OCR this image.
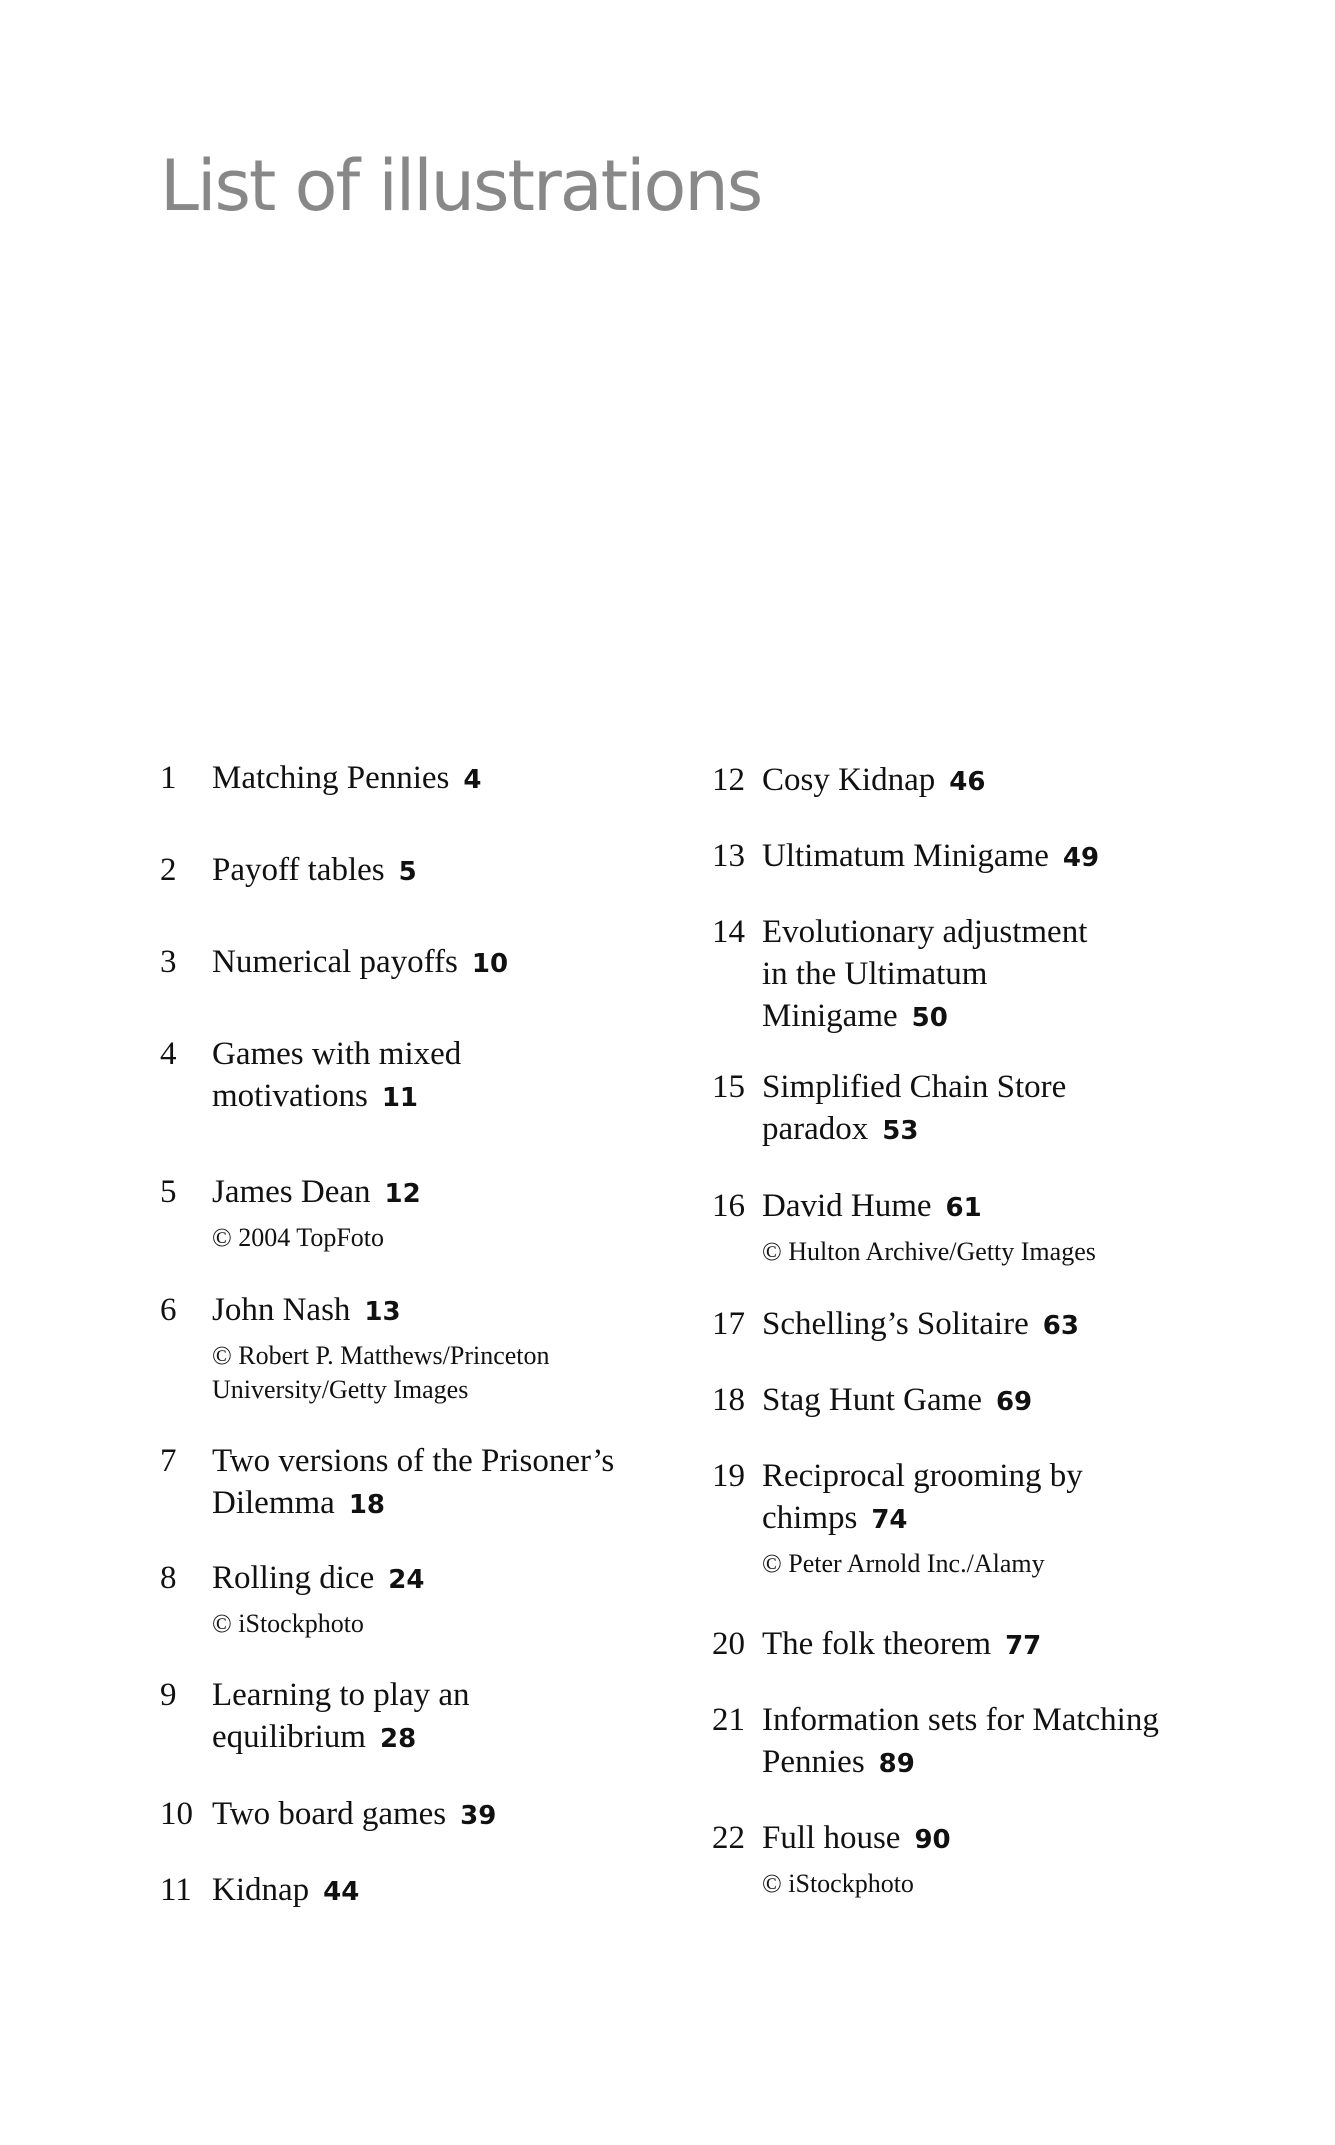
List of illustrations
1 Matching Pennies 4
2 Payoff tables 5
3 Numerical payoffs 10
4 Games with mixed
motivations 11
5 James Dean 12
© 2004 TopFoto
6 John Nash 13
© Robert P. Matthews/Princeton
University/Getty Images
7 Two versions of the Prisoner’s
Dilemma 18
8 Rolling dice 24
© iStockphoto
9 Learning to play an
equilibrium 28
10 Two board games 39
11 Kidnap 44
12 Cosy Kidnap 46
13 Ultimatum Minigame 49
14 Evolutionary adjustment
in the Ultimatum
Minigame 50
15 Simplified Chain Store
paradox 53
16 David Hume 61
© Hulton Archive/Getty Images
17 Schelling’s Solitaire 63
18 Stag Hunt Game 69
19 Reciprocal grooming by
chimps 74
© Peter Arnold Inc./Alamy
20 The folk theorem 77
21 Information sets for Matching
Pennies 89
22 Full house 90
© iStockphoto
